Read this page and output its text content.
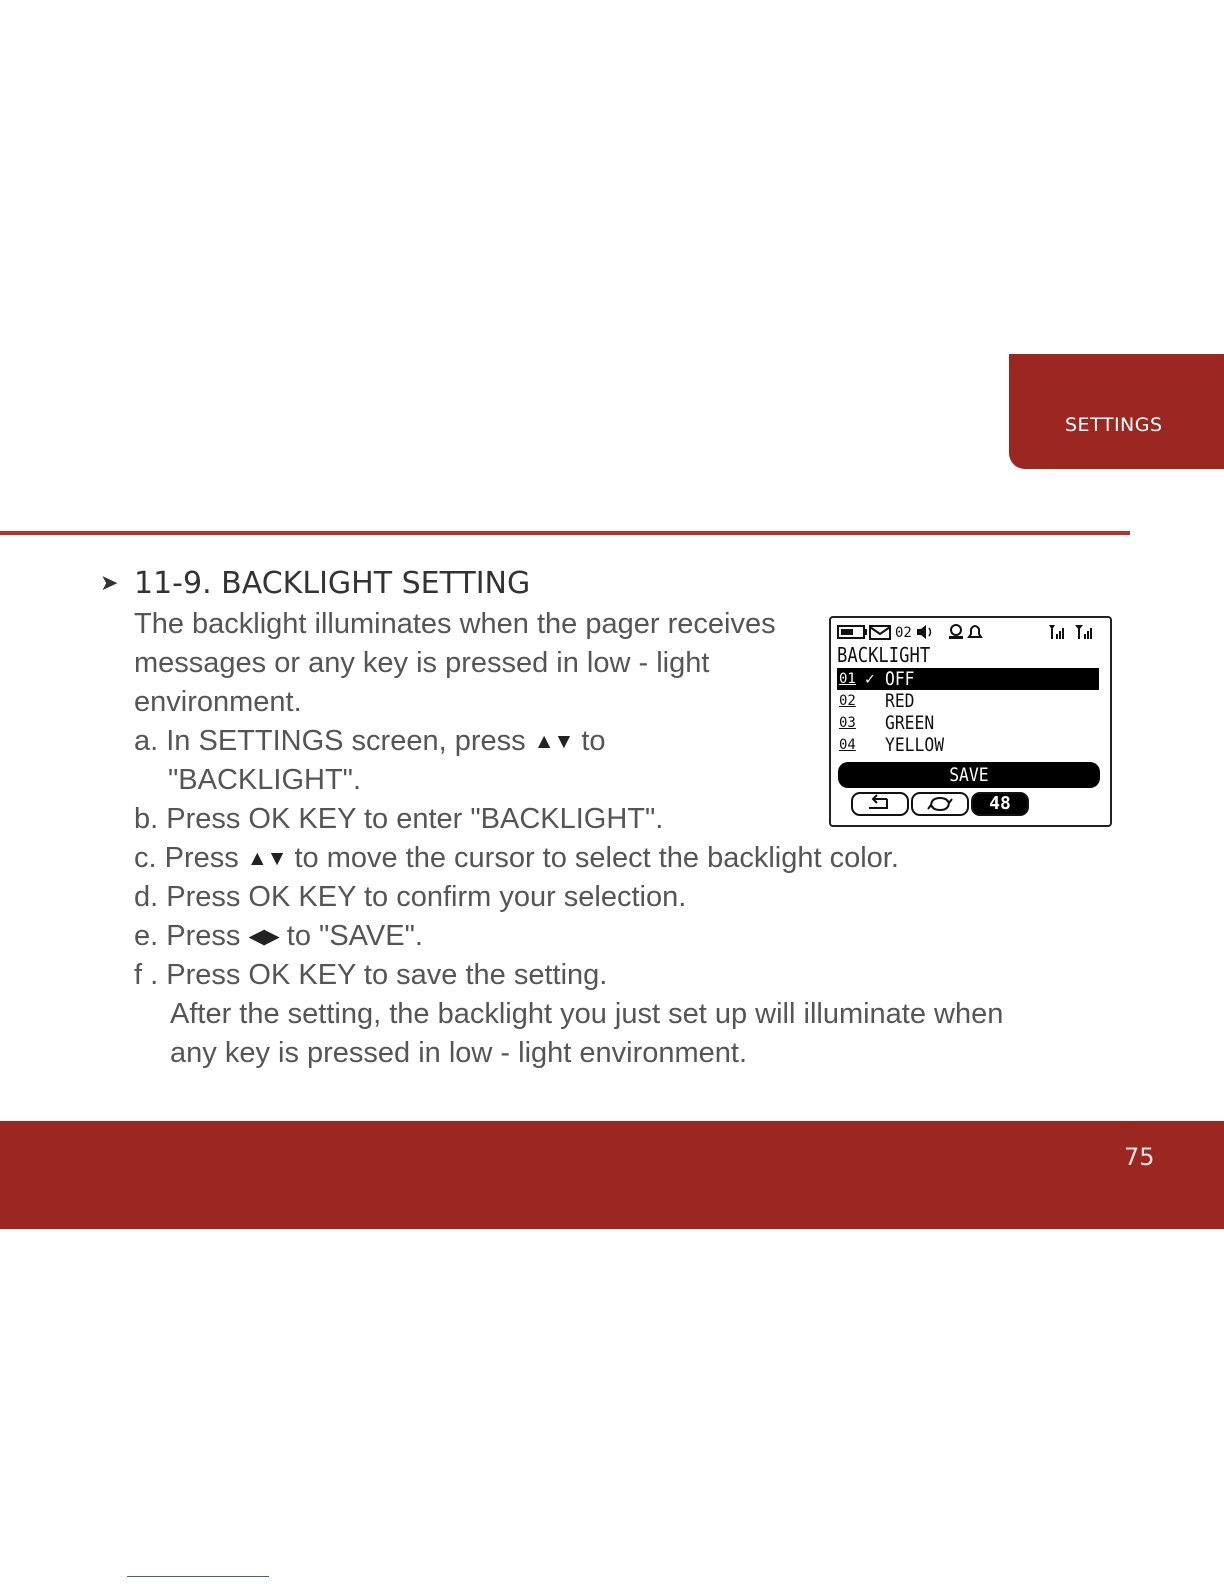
SETTINGS
➤ 11-9. BACKLIGHT SETTING
The backlight illuminates when the pager receives
messages or any key is pressed in low - light
environment.
a. In SETTINGS screen, press ▲▼ to
"BACKLIGHT".
b. Press OK KEY to enter "BACKLIGHT".
c. Press ▲▼ to move the cursor to select the backlight color.
d. Press OK KEY to confirm your selection.
e. Press ◀▶ to "SAVE".
f . Press OK KEY to save the setting.
After the setting, the backlight you just set up will illuminate when
any key is pressed in low - light environment.
02
BACKLIGHT
01 ✓ OFF
02 RED
03 GREEN
04 YELLOW
SAVE
48
75
